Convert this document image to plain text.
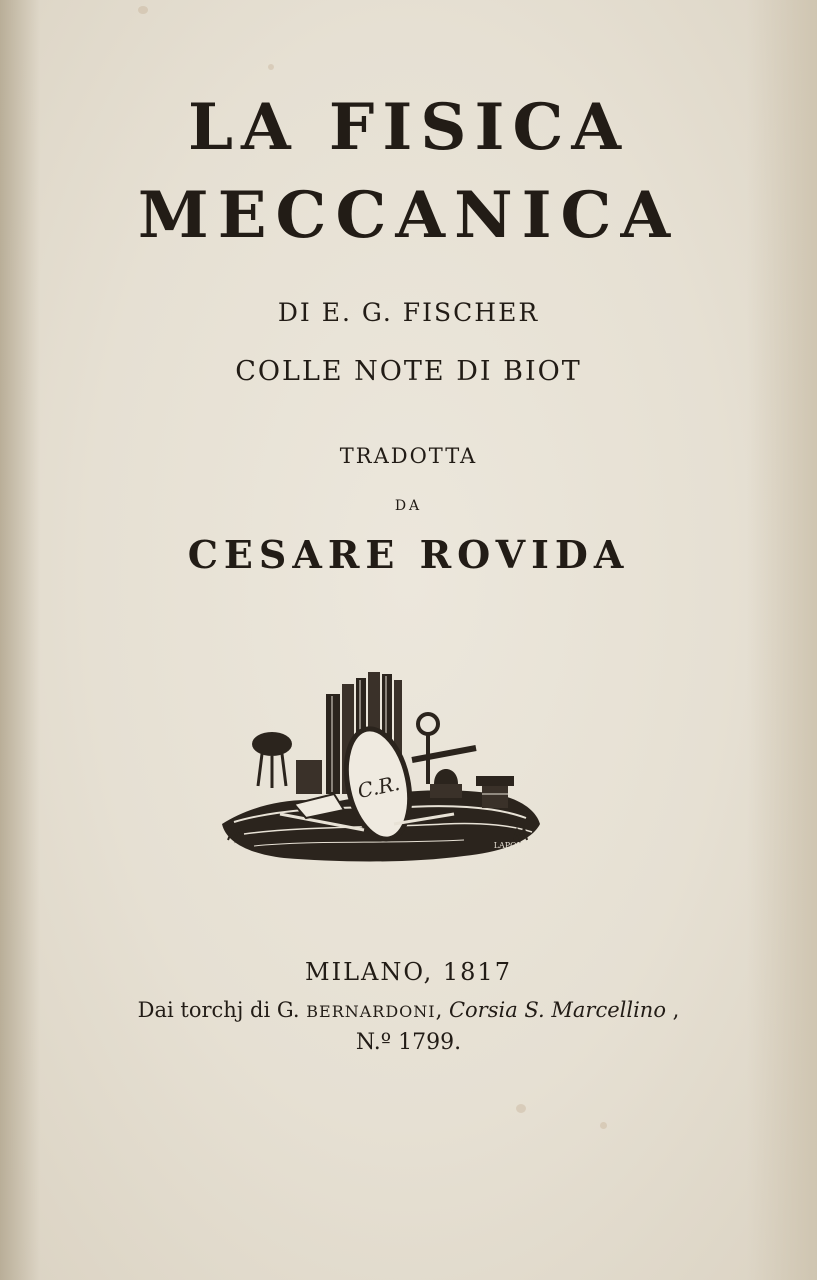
LA FISICA
MECCANICA
DI E. G. FISCHER
COLLE NOTE DI BIOT
TRADOTTA
DA
CESARE ROVIDA
C.R.
LAPONO
MILANO, 1817
Dai torchj di G. BERNARDONI, Corsia S. Marcellino ,
N.º 1799.
